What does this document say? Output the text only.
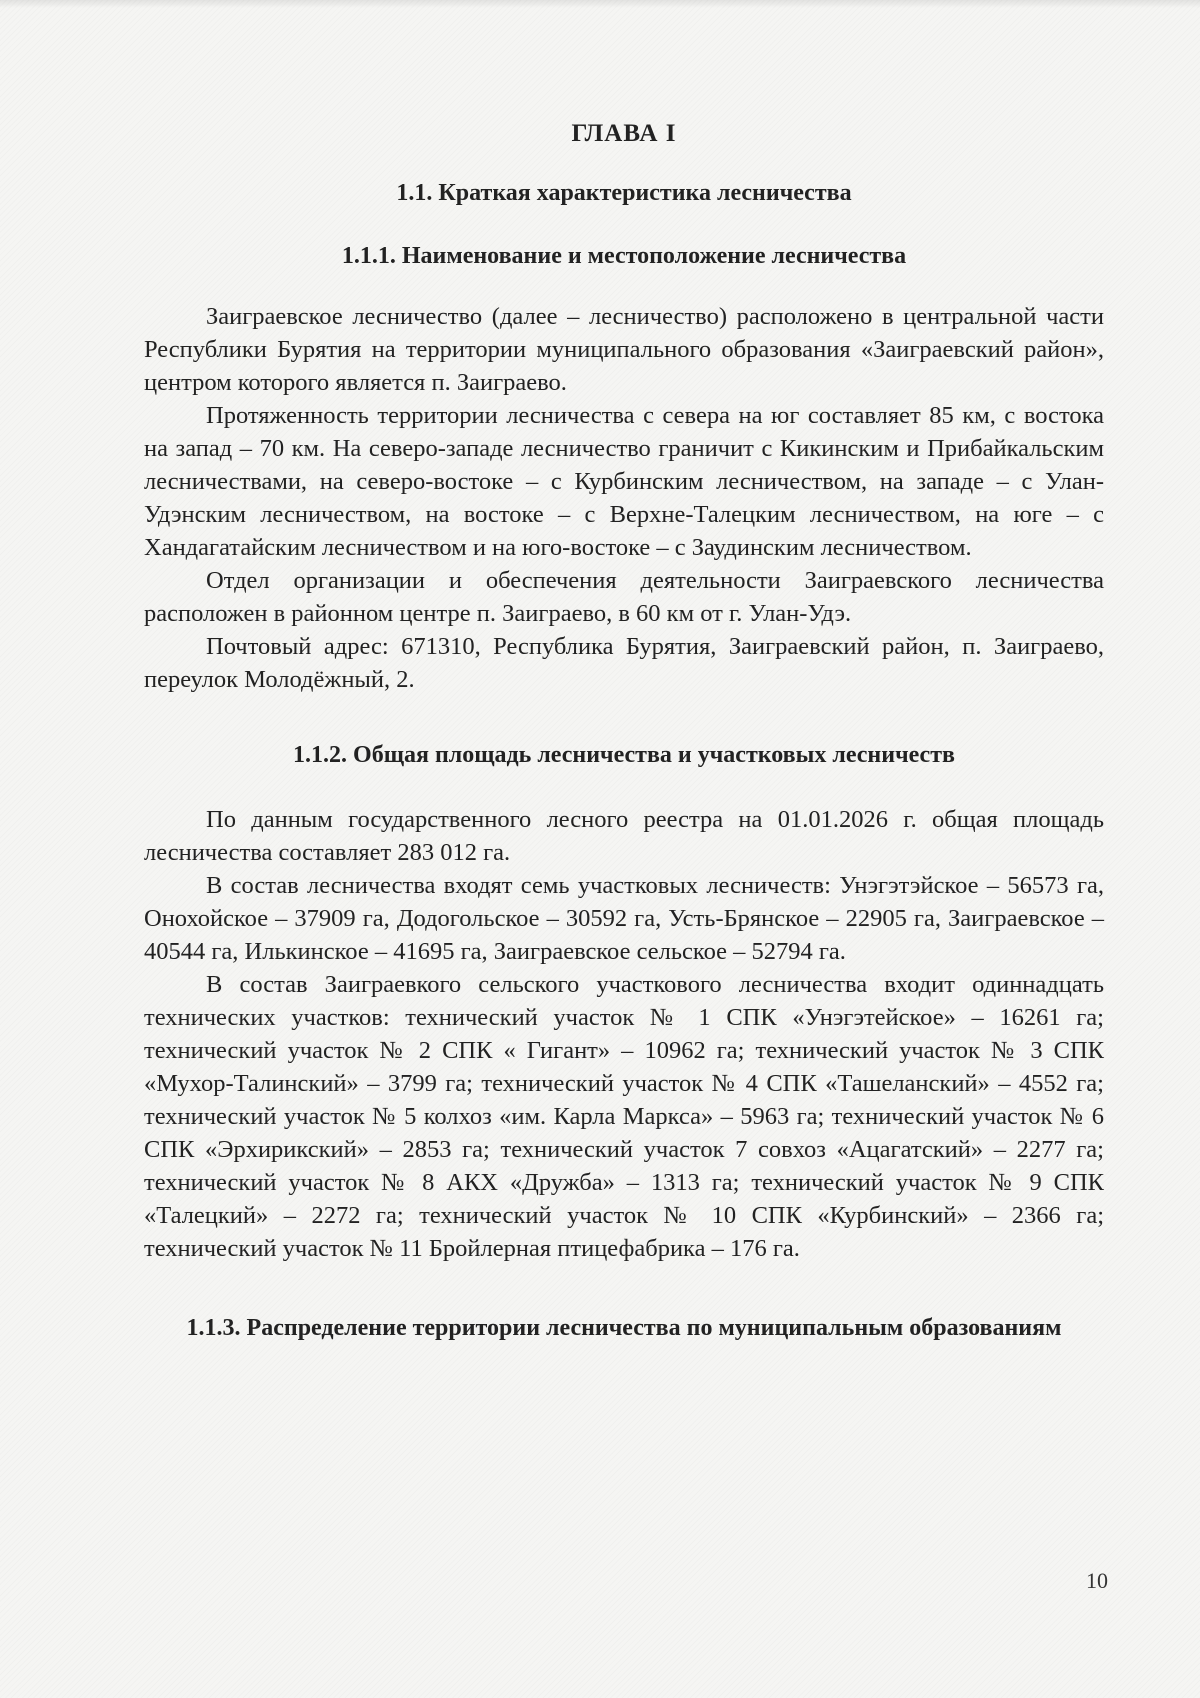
ГЛАВА I
1.1. Краткая характеристика лесничества
1.1.1. Наименование и местоположение лесничества

Заиграевское лесничество (далее – лесничество) расположено в центральной части Республики Бурятия на территории муниципального образования «Заиграевский район», центром которого является п. Заиграево.

Протяженность территории лесничества с севера на юг составляет 85 км, с востока на запад – 70 км. На северо-западе лесничество граничит с Кикинским и Прибайкальским лесничествами, на северо-востоке – с Курбинским лесничеством, на западе – с Улан-Удэнским лесничеством, на востоке – с Верхне-Талецким лесничеством, на юге – с Хандагатайским лесничеством и на юго-востоке – с Заудинским лесничеством.

Отдел организации и обеспечения деятельности Заиграевского лесничества расположен в районном центре п. Заиграево, в 60 км от г. Улан-Удэ.

Почтовый адрес: 671310, Республика Бурятия, Заиграевский район, п. Заиграево, переулок Молодёжный, 2.

1.1.2. Общая площадь лесничества и участковых лесничеств

По данным государственного лесного реестра на 01.01.2026 г. общая площадь лесничества составляет 283 012 га.

В состав лесничества входят семь участковых лесничеств: Унэгэтэйское – 56573 га, Онохойское – 37909 га, Додогольское – 30592 га, Усть-Брянское – 22905 га, Заиграевское – 40544 га, Илькинское – 41695 га, Заиграевское сельское – 52794 га.

В состав Заиграевкого сельского участкового лесничества входит одиннадцать технических участков: технический участок № 1 СПК «Унэгэтейское» – 16261 га; технический участок № 2 СПК « Гигант» – 10962 га; технический участок № 3 СПК «Мухор-Талинский» – 3799 га; технический участок № 4 СПК «Ташеланский» – 4552 га; технический участок № 5 колхоз «им. Карла Маркса» – 5963 га; технический участок № 6 СПК «Эрхирикский» – 2853 га; технический участок 7 совхоз «Ацагатский» – 2277 га; технический участок № 8 АКХ «Дружба» – 1313 га; технический участок № 9 СПК «Талецкий» – 2272 га; технический участок № 10 СПК «Курбинский» – 2366 га; технический участок № 11 Бройлерная птицефабрика – 176 га.

1.1.3. Распределение территории лесничества по муниципальным образованиям
10
